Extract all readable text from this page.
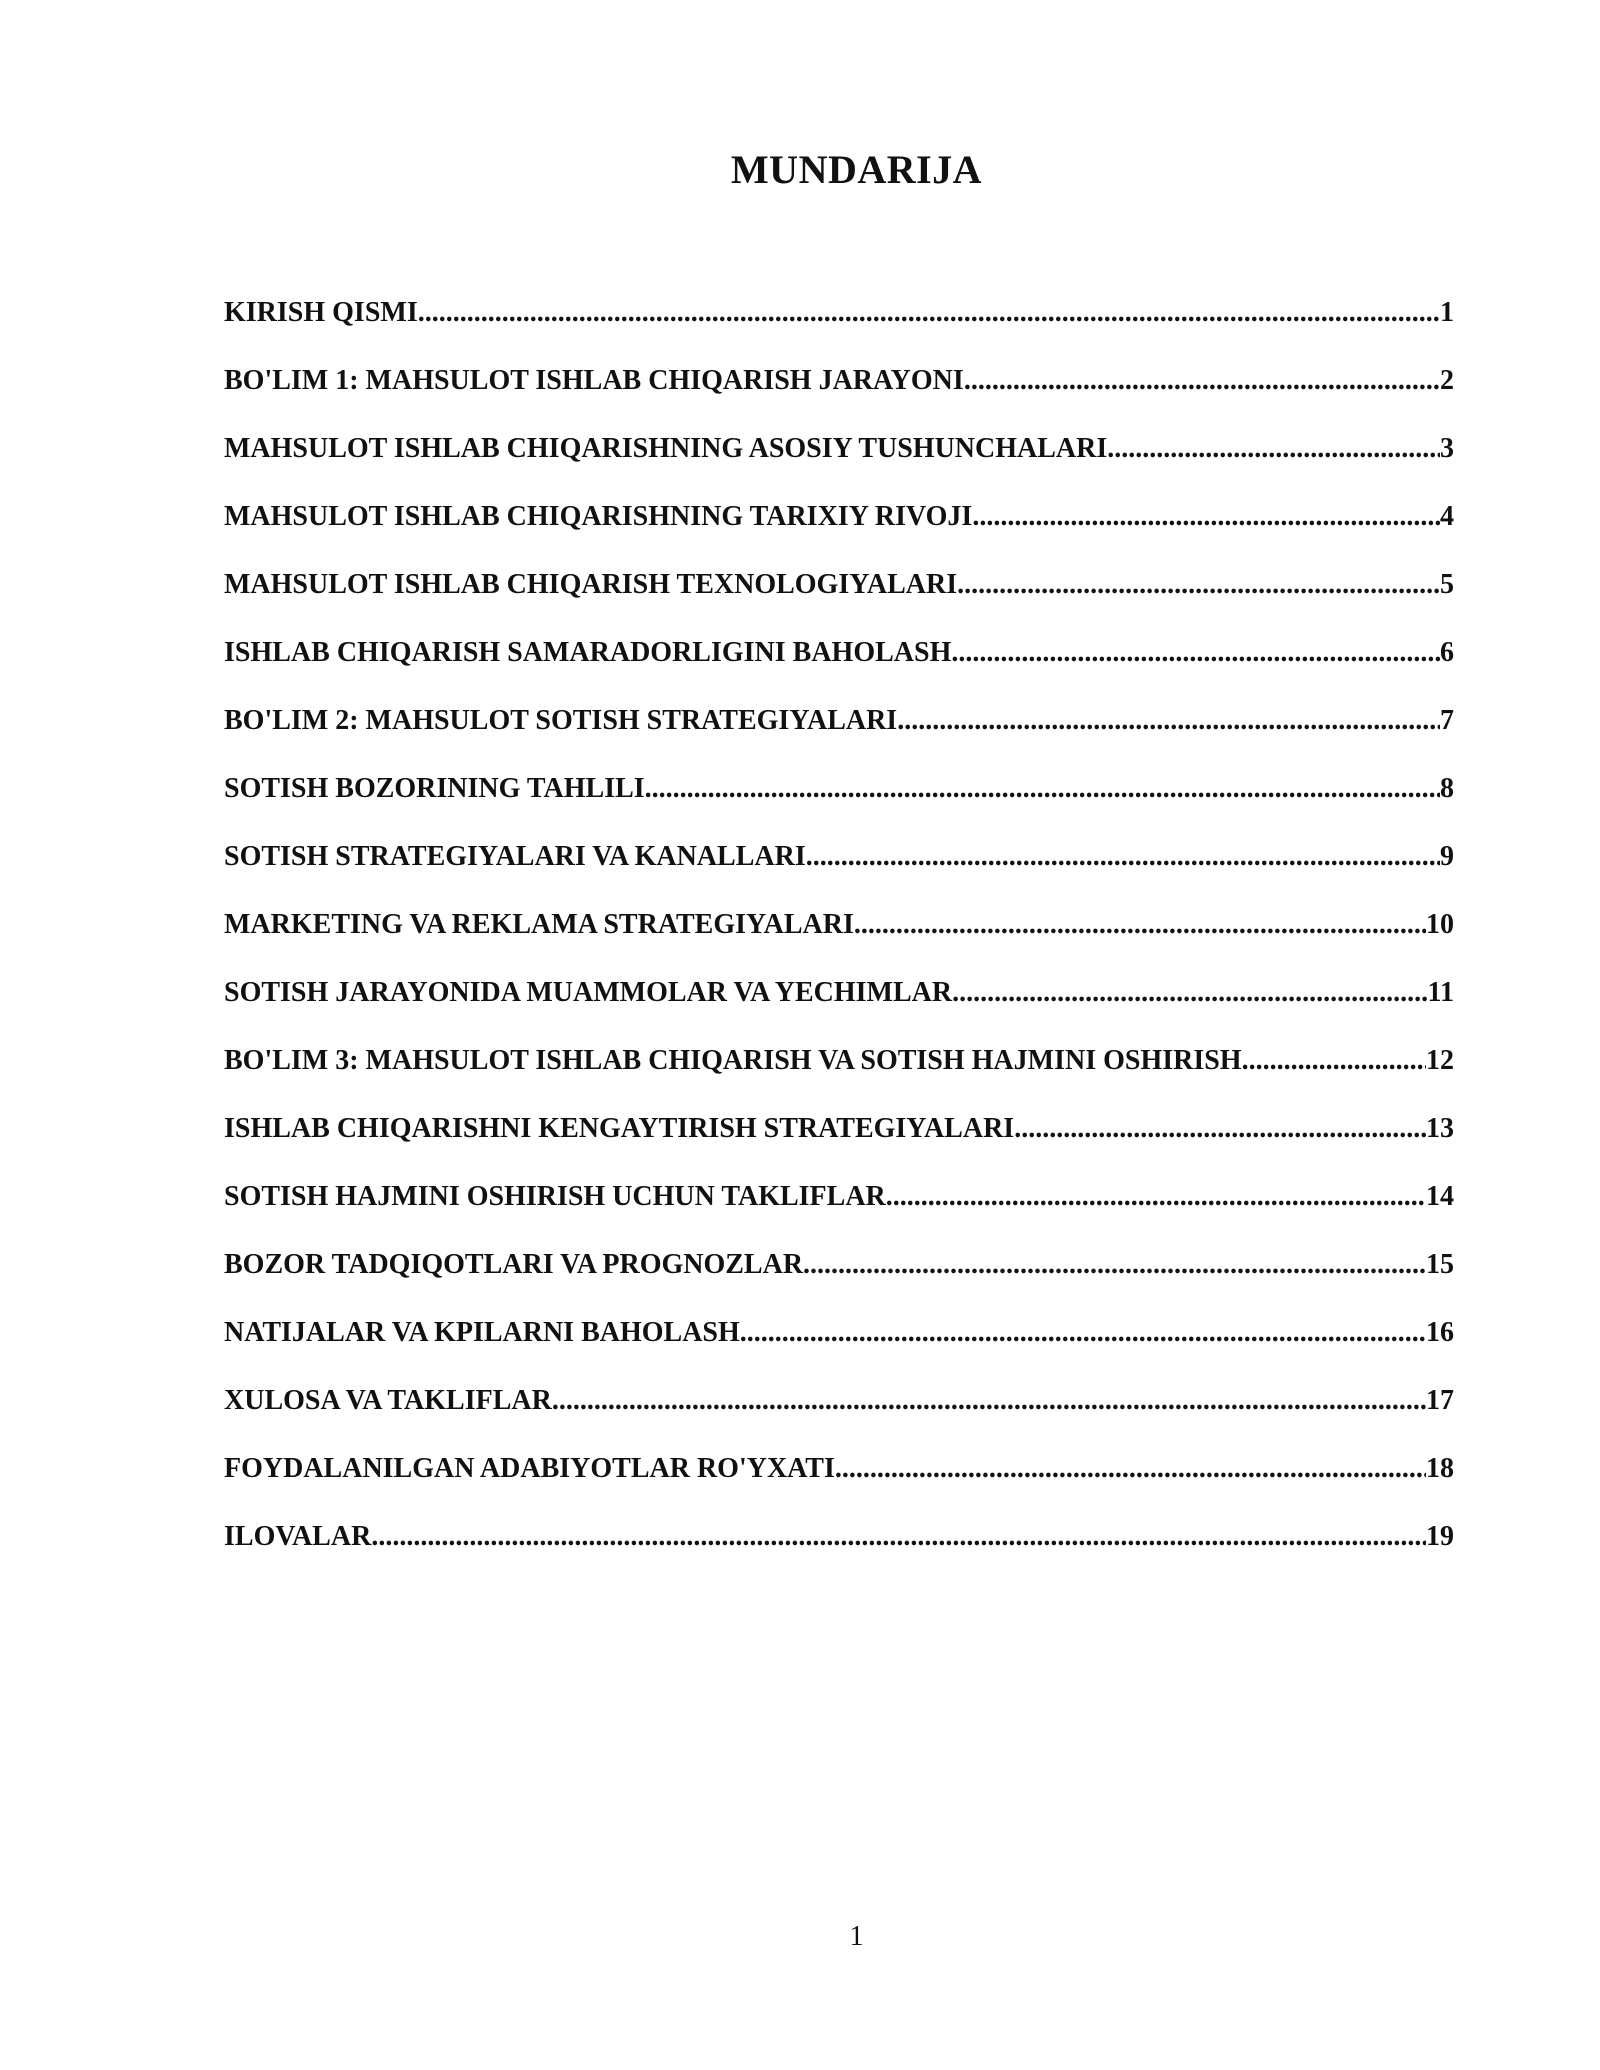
MUNDARIJA
KIRISH QISMI .....	1
BO'LIM 1: MAHSULOT ISHLAB CHIQARISH JARAYONI .....	2
MAHSULOT ISHLAB CHIQARISHNING ASOSIY TUSHUNCHALARI .....	3
MAHSULOT ISHLAB CHIQARISHNING TARIXIY RIVOJI .....	4
MAHSULOT ISHLAB CHIQARISH TEXNOLOGIYALARI .....	5
ISHLAB CHIQARISH SAMARADORLIGINI BAHOLASH .....	6
BO'LIM 2: MAHSULOT SOTISH STRATEGIYALARI .....	7
SOTISH BOZORINING TAHLILI .....	8
SOTISH STRATEGIYALARI VA KANALLARI .....	9
MARKETING VA REKLAMA STRATEGIYALARI .....	10
SOTISH JARAYONIDA MUAMMOLAR VA YECHIMLAR .....	11
BO'LIM 3: MAHSULOT ISHLAB CHIQARISH VA SOTISH HAJMINI OSHIRISH .....	12
ISHLAB CHIQARISHNI KENGAYTIRISH STRATEGIYALARI .....	13
SOTISH HAJMINI OSHIRISH UCHUN TAKLIFLAR .....	14
BOZOR TADQIQOTLARI VA PROGNOZLAR .....	15
NATIJALAR VA KPILARNI BAHOLASH .....	16
XULOSA VA TAKLIFLAR .....	17
FOYDALANILGAN ADABIYOTLAR RO'YXATI .....	18
ILOVALAR .....	19
1
